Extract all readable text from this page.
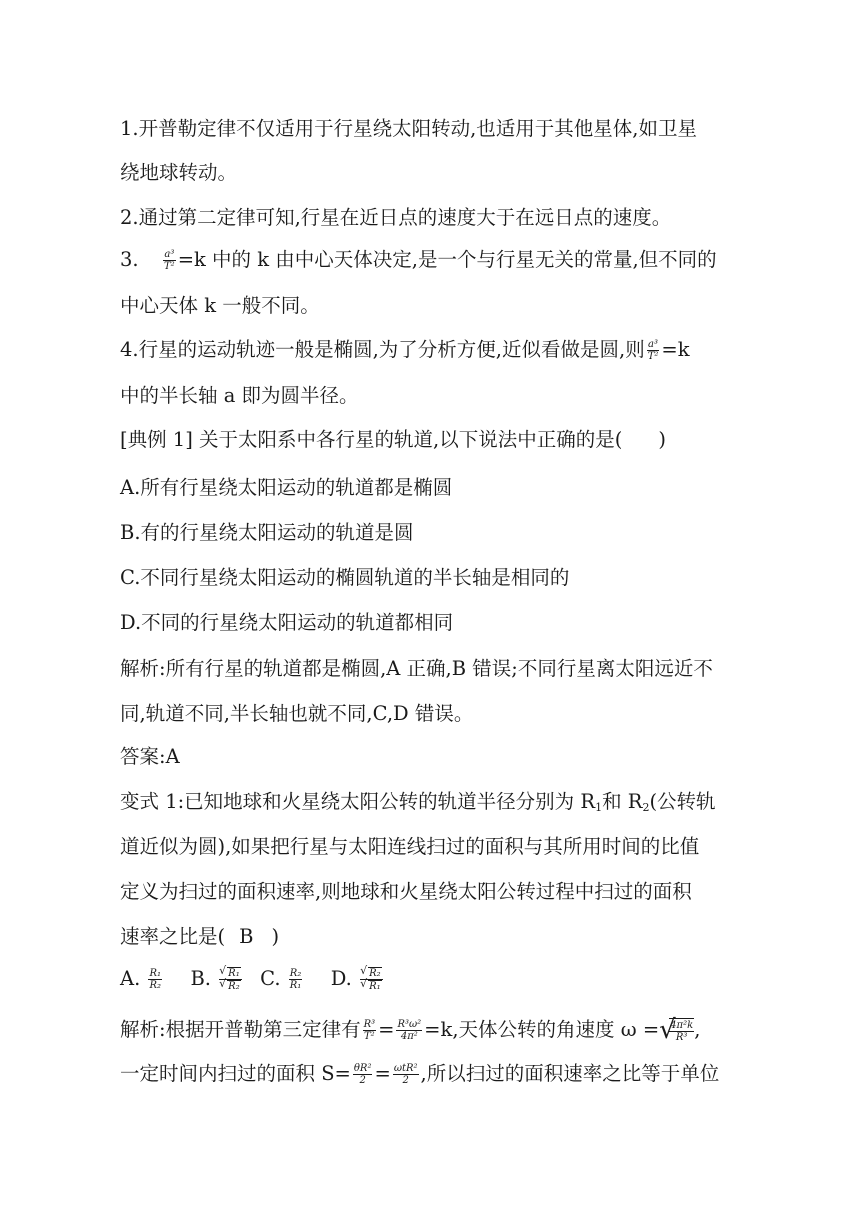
1.开普勒定律不仅适用于行星绕太阳转动,也适用于其他星体,如卫星
绕地球转动。
2.通过第二定律可知,行星在近日点的速度大于在远日点的速度。
3. $\frac{\text{a³}}{\text{T²}} =k$ 中的 k 由中心天体决定,是一个与行星无关的常量,但不同的
中心天体 k 一般不同。
4.行星的运动轨迹一般是椭圆,为了分析方便,近似看做是圆,则 $\frac{\text{a³}}{\text{T²}} =k$
中的半长轴 a 即为圆半径。
[典例 1] 关于太阳系中各行星的轨道,以下说法中正确的是( )
A.所有行星绕太阳运动的轨道都是椭圆
B.有的行星绕太阳运动的轨道是圆
C.不同行星绕太阳运动的椭圆轨道的半长轴是相同的
D.不同的行星绕太阳运动的轨道都相同
解析:所有行星的轨道都是椭圆,A 正确,B 错误;不同行星离太阳远近不
同,轨道不同,半长轴也就不同,C,D 错误。
答案:A
变式 1:已知地球和火星绕太阳公转的轨道半径分别为 $R_1$和 $R_2$(公转轨
道近似为圆),如果把行星与太阳连线扫过的面积与其所用时间的比值
定义为扫过的面积速率,则地球和火星绕太阳公转过程中扫过的面积
速率之比是( B )
A. $\frac{\text{R₁}}{\text{R₂}} B$. √ R₁
√ R₂ C. $\frac{\text{R₂}}{\text{R₁}} D$. √ R₂
√ R₁
解析:根据开普勒第三定律有 $\frac{\text{R³}}{\text{T²}} = \frac{\text{R³ω²}}{\text{4π²}} =k$,天体公转的角速度 ω = √
$\frac{\text{4π²k}}{\text{R³}}$ ,
一定时间内扫过的面积 $S= \frac{\text{θR²}}{2} = \frac{\text{ωtR²}}{2}$ ,所以扫过的面积速率之比等于单位
